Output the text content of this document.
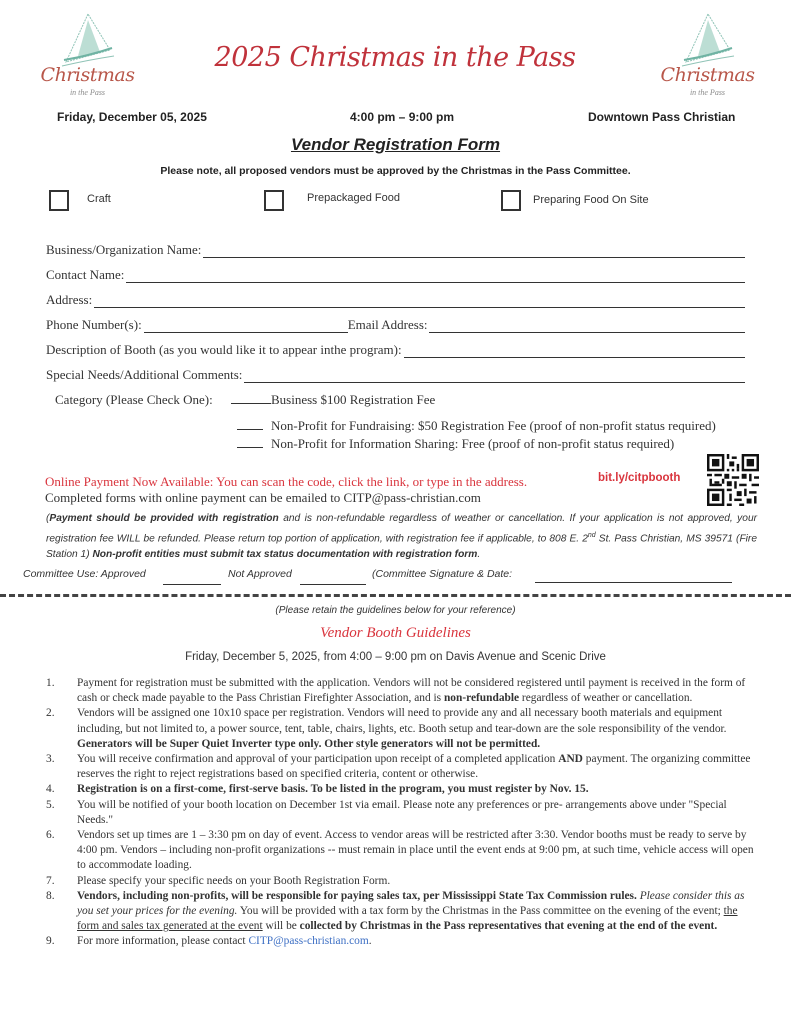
Christmas
in the Pass
2025 Christmas in the Pass
Christmas
in the Pass
Friday, December 05, 2025	4:00 pm – 9:00 pm	Downtown Pass Christian
Vendor Registration Form
Please note, all proposed vendors must be approved by the Christmas in the Pass Committee.
Craft	Prepackaged Food	Preparing Food On Site
Business/Organization Name:
Contact Name:
Address:
Phone Number(s):	Email Address:
Description of Booth (as you would like it to appear inthe program):
Special Needs/Additional Comments:
Category (Please Check One):	Business $100 Registration Fee
Non-Profit for Fundraising: $50 Registration Fee (proof of non-profit status required)
Non-Profit for Information Sharing: Free (proof of non-profit status required)
Online Payment Now Available: You can scan the code, click the link, or type in the address.	bit.ly/citpbooth
Completed forms with online payment can be emailed to CITP@pass-christian.com
(Payment should be provided with registration and is non-refundable regardless of weather or cancellation. If your application is not approved, your registration fee WILL be refunded. Please return top portion of application, with registration fee if applicable, to 808 E. 2nd St. Pass Christian, MS 39571 (Fire Station 1) Non-profit entities must submit tax status documentation with registration form.
Committee Use: Approved	Not Approved	(Committee Signature & Date:
(Please retain the guidelines below for your reference)
Vendor Booth Guidelines
Friday, December 5, 2025, from 4:00 – 9:00 pm on Davis Avenue and Scenic Drive
1.	Payment for registration must be submitted with the application. Vendors will not be considered registered until payment is received in the form of cash or check made payable to the Pass Christian Firefighter Association, and is non-refundable regardless of weather or cancellation.
2.	Vendors will be assigned one 10x10 space per registration. Vendors will need to provide any and all necessary booth materials and equipment including, but not limited to, a power source, tent, table, chairs, lights, etc. Booth setup and tear-down are the sole responsibility of the vendor. Generators will be Super Quiet Inverter type only. Other style generators will not be permitted.
3.	You will receive confirmation and approval of your participation upon receipt of a completed application AND payment. The organizing committee reserves the right to reject registrations based on specified criteria, content or otherwise.
4.	Registration is on a first-come, first-serve basis. To be listed in the program, you must register by Nov. 15.
5.	You will be notified of your booth location on December 1st via email. Please note any preferences or pre- arrangements above under "Special Needs."
6.	Vendors set up times are 1 – 3:30 pm on day of event. Access to vendor areas will be restricted after 3:30. Vendor booths must be ready to serve by 4:00 pm. Vendors – including non-profit organizations -- must remain in place until the event ends at 9:00 pm, at such time, vehicle access will open to accommodate loading.
7.	Please specify your specific needs on your Booth Registration Form.
8.	Vendors, including non-profits, will be responsible for paying sales tax, per Mississippi State Tax Commission rules. Please consider this as you set your prices for the evening. You will be provided with a tax form by the Christmas in the Pass committee on the evening of the event; the form and sales tax generated at the event will be collected by Christmas in the Pass representatives that evening at the end of the event.
9.	For more information, please contact CITP@pass-christian.com.
